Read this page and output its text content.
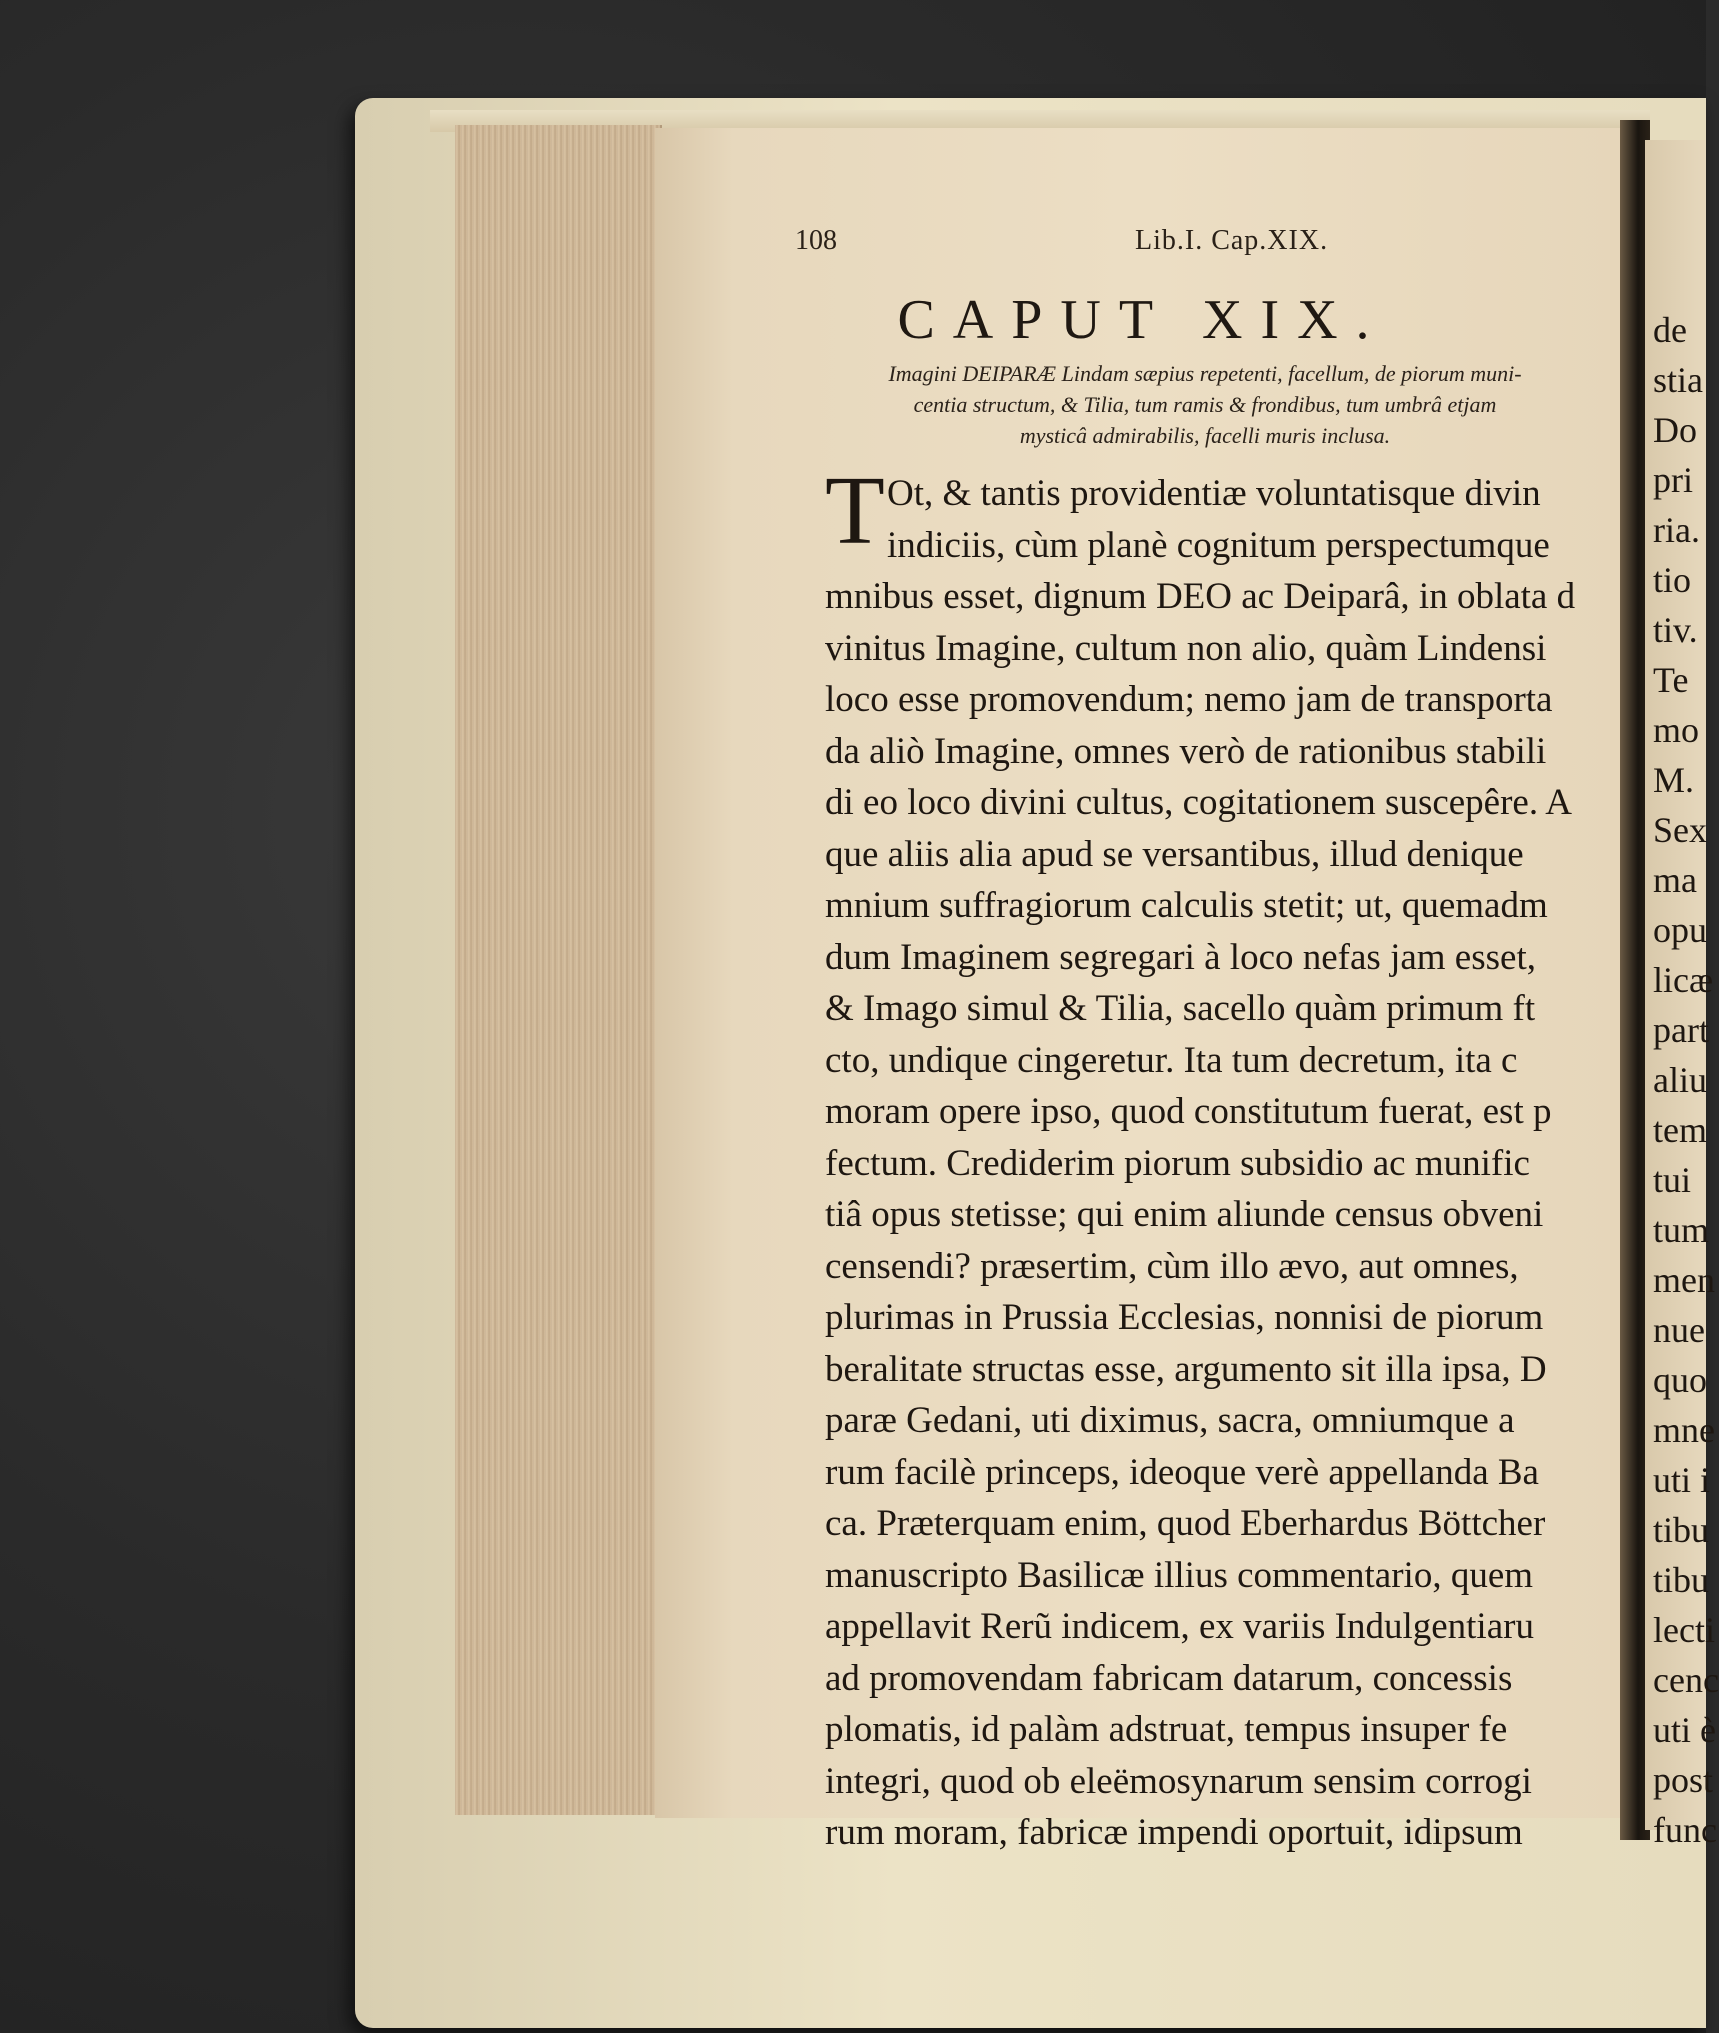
108	Lib.I. Cap.XIX.
CAPUT XIX.
Imagini DEIPARÆ Lindam sæpius repetenti, facellum, de piorum muni-
centia structum, & Tilia, tum ramis & frondibus, tum umbrâ etjam
mysticâ admirabilis, facelli muris inclusa.
T Ot, & tantis providentiæ voluntatisque divin
indiciis, cùm planè cognitum perspectumque
mnibus esset, dignum DEO ac Deiparâ, in oblata d
vinitus Imagine, cultum non alio, quàm Lindensi
loco esse promovendum; nemo jam de transporta
da aliò Imagine, omnes verò de rationibus stabili
di eo loco divini cultus, cogitationem suscepêre. A
que aliis alia apud se versantibus, illud denique
mnium suffragiorum calculis stetit; ut, quemadm
dum Imaginem segregari à loco nefas jam esset,
& Imago simul & Tilia, sacello quàm primum ft
cto, undique cingeretur. Ita tum decretum, ita c
moram opere ipso, quod constitutum fuerat, est p
fectum. Crediderim piorum subsidio ac munific
tiâ opus stetisse; qui enim aliunde census obveni
censendi? præsertim, cùm illo ævo, aut omnes,
plurimas in Prussia Ecclesias, nonnisi de piorum
beralitate structas esse, argumento sit illa ipsa, D
paræ Gedani, uti diximus, sacra, omniumque a
rum facilè princeps, ideoque verè appellanda Ba
ca. Præterquam enim, quod Eberhardus Böttcher
manuscripto Basilicæ illius commentario, quem
appellavit Rerũ indicem, ex variis Indulgentiaru
ad promovendam fabricam datarum, concessis
plomatis, id palàm adstruat, tempus insuper fe
integri, quod ob eleëmosynarum sensim corrogi
rum moram, fabricæ impendi oportuit, idipsum
de
stia
Do
pri
ria.
tio
tiv.
Te
mo
M.
Sex
ma
opu
licæ
part
aliu
tem
tui
tum
men
nue
quo
mne
uti i
tibu
tibu
lecti
cenc
uti è
post
func
